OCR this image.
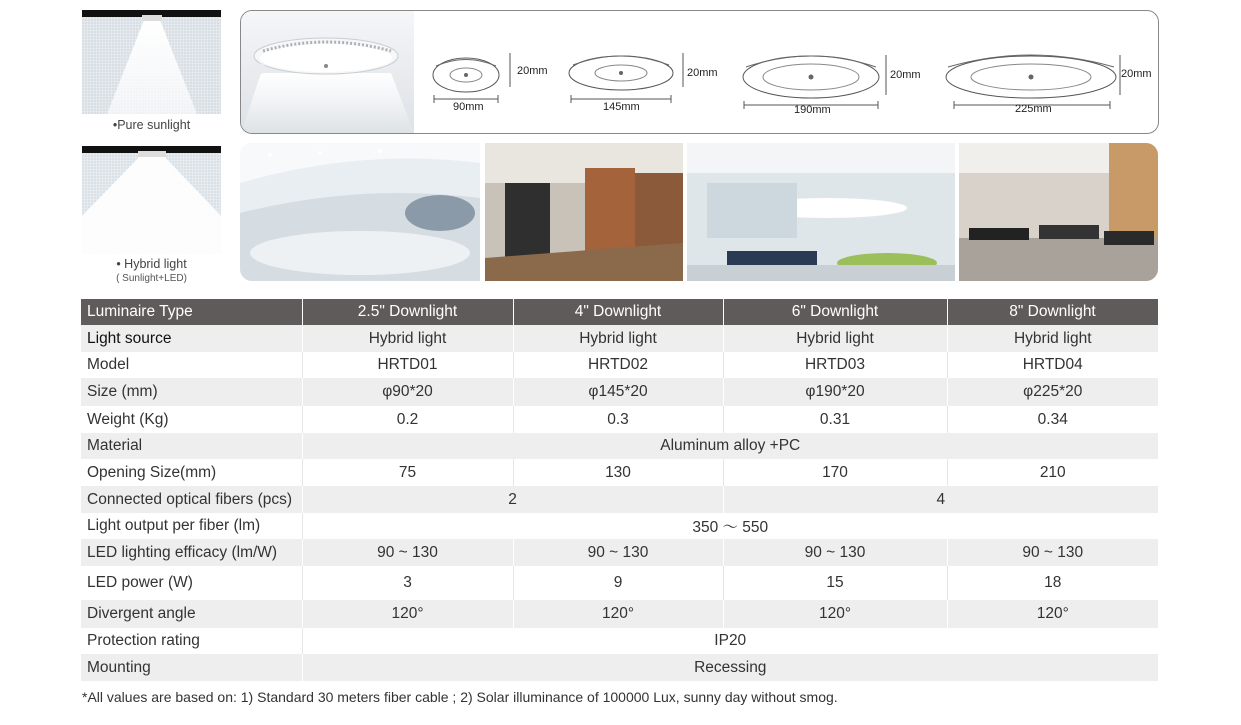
•Pure sunlight
• Hybrid light
( Sunlight+LED)
90mm
20mm
145mm
20mm
190mm
20mm
225mm
20mm
Luminaire Type	2.5" Downlight	4" Downlight	6" Downlight	8" Downlight
Light source	Hybrid light	Hybrid light	Hybrid light	Hybrid light
Model	HRTD01	HRTD02	HRTD03	HRTD04
Size (mm)	φ90*20	φ145*20	φ190*20	φ225*20
Weight (Kg)	0.2	0.3	0.31	0.34
Material	Aluminum alloy +PC			
Opening Size(mm)	75	130	170	210
Connected optical fibers (pcs)	2		4	
Light output per fiber (lm)	350 ～ 550			
LED lighting efficacy (lm/W)	90 ~ 130	90 ~ 130	90 ~ 130	90 ~ 130
LED power (W)	3	9	15	18
Divergent angle	120°	120°	120°	120°
Protection rating	IP20			
Mounting	Recessing			
*All values are based on: 1) Standard 30 meters fiber cable ; 2) Solar illuminance of 100000 Lux, sunny day without smog.
